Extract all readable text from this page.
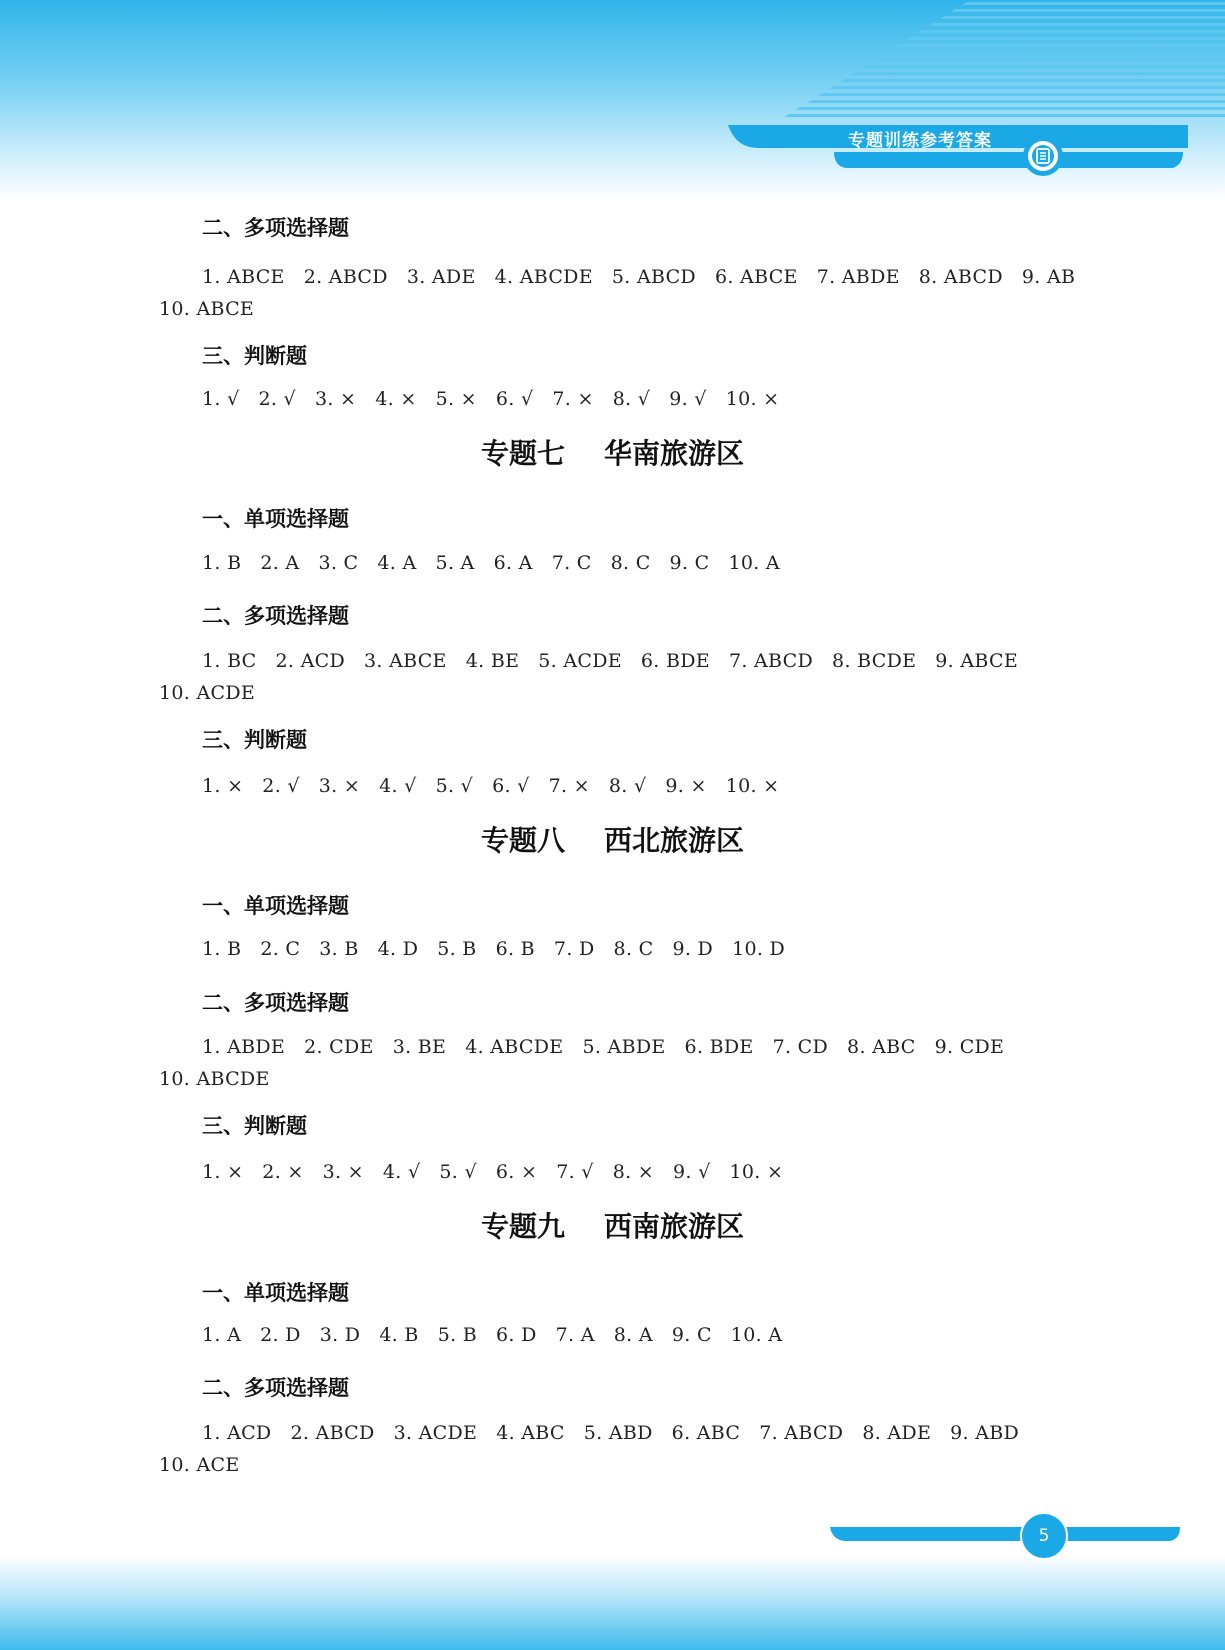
专题训练参考答案
二、多项选择题
1. ABCE   2. ABCD   3. ADE   4. ABCDE   5. ABCD   6. ABCE   7. ABDE   8. ABCD   9. AB
10. ABCE
三、判断题
1. √   2. √   3. ×   4. ×   5. ×   6. √   7. ×   8. √   9. √   10. ×
专题七    华南旅游区
一、单项选择题
1. B   2. A   3. C   4. A   5. A   6. A   7. C   8. C   9. C   10. A
二、多项选择题
1. BC   2. ACD   3. ABCE   4. BE   5. ACDE   6. BDE   7. ABCD   8. BCDE   9. ABCE
10. ACDE
三、判断题
1. ×   2. √   3. ×   4. √   5. √   6. √   7. ×   8. √   9. ×   10. ×
专题八    西北旅游区
一、单项选择题
1. B   2. C   3. B   4. D   5. B   6. B   7. D   8. C   9. D   10. D
二、多项选择题
1. ABDE   2. CDE   3. BE   4. ABCDE   5. ABDE   6. BDE   7. CD   8. ABC   9. CDE
10. ABCDE
三、判断题
1. ×   2. ×   3. ×   4. √   5. √   6. ×   7. √   8. ×   9. √   10. ×
专题九    西南旅游区
一、单项选择题
1. A   2. D   3. D   4. B   5. B   6. D   7. A   8. A   9. C   10. A
二、多项选择题
1. ACD   2. ABCD   3. ACDE   4. ABC   5. ABD   6. ABC   7. ABCD   8. ADE   9. ABD
10. ACE
5
